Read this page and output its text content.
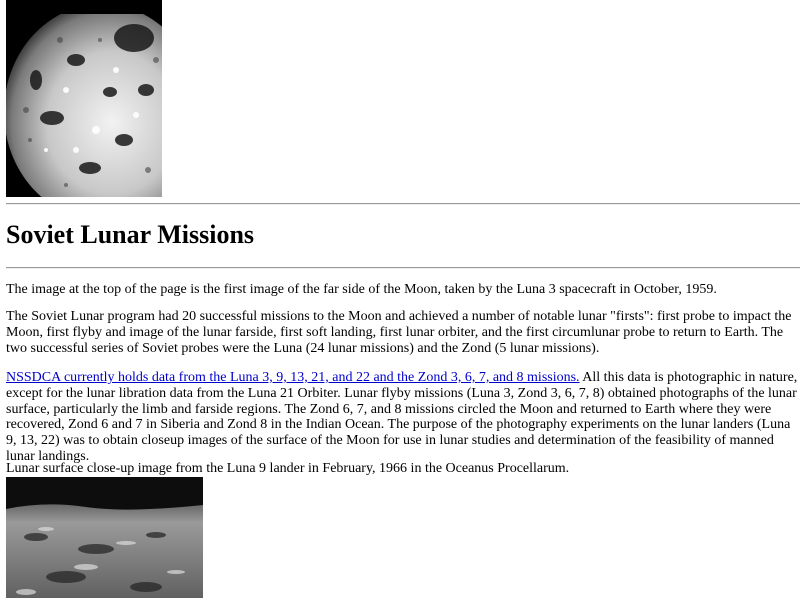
Soviet Lunar Missions

The image at the top of the page is the first image of the far side of the Moon, taken by the Luna 3 spacecraft in October, 1959.

The Soviet Lunar program had 20 successful missions to the Moon and achieved a number of notable lunar "firsts": first probe to impact the Moon, first flyby and image of the lunar farside, first soft landing, first lunar orbiter, and the first circumlunar probe to return to Earth. The two successful series of Soviet probes were the Luna (24 lunar missions) and the Zond (5 lunar missions).

NSSDCA currently holds data from the Luna 3, 9, 13, 21, and 22 and the Zond 3, 6, 7, and 8 missions. All this data is photographic in nature, except for the lunar libration data from the Luna 21 Orbiter. Lunar flyby missions (Luna 3, Zond 3, 6, 7, 8) obtained photographs of the lunar surface, particularly the limb and farside regions. The Zond 6, 7, and 8 missions circled the Moon and returned to Earth where they were recovered, Zond 6 and 7 in Siberia and Zond 8 in the Indian Ocean. The purpose of the photography experiments on the lunar landers (Luna 9, 13, 22) was to obtain closeup images of the surface of the Moon for use in lunar studies and determination of the feasibility of manned lunar landings.

Lunar surface close-up image from the Luna 9 lander in February, 1966 in the Oceanus Procellarum.
